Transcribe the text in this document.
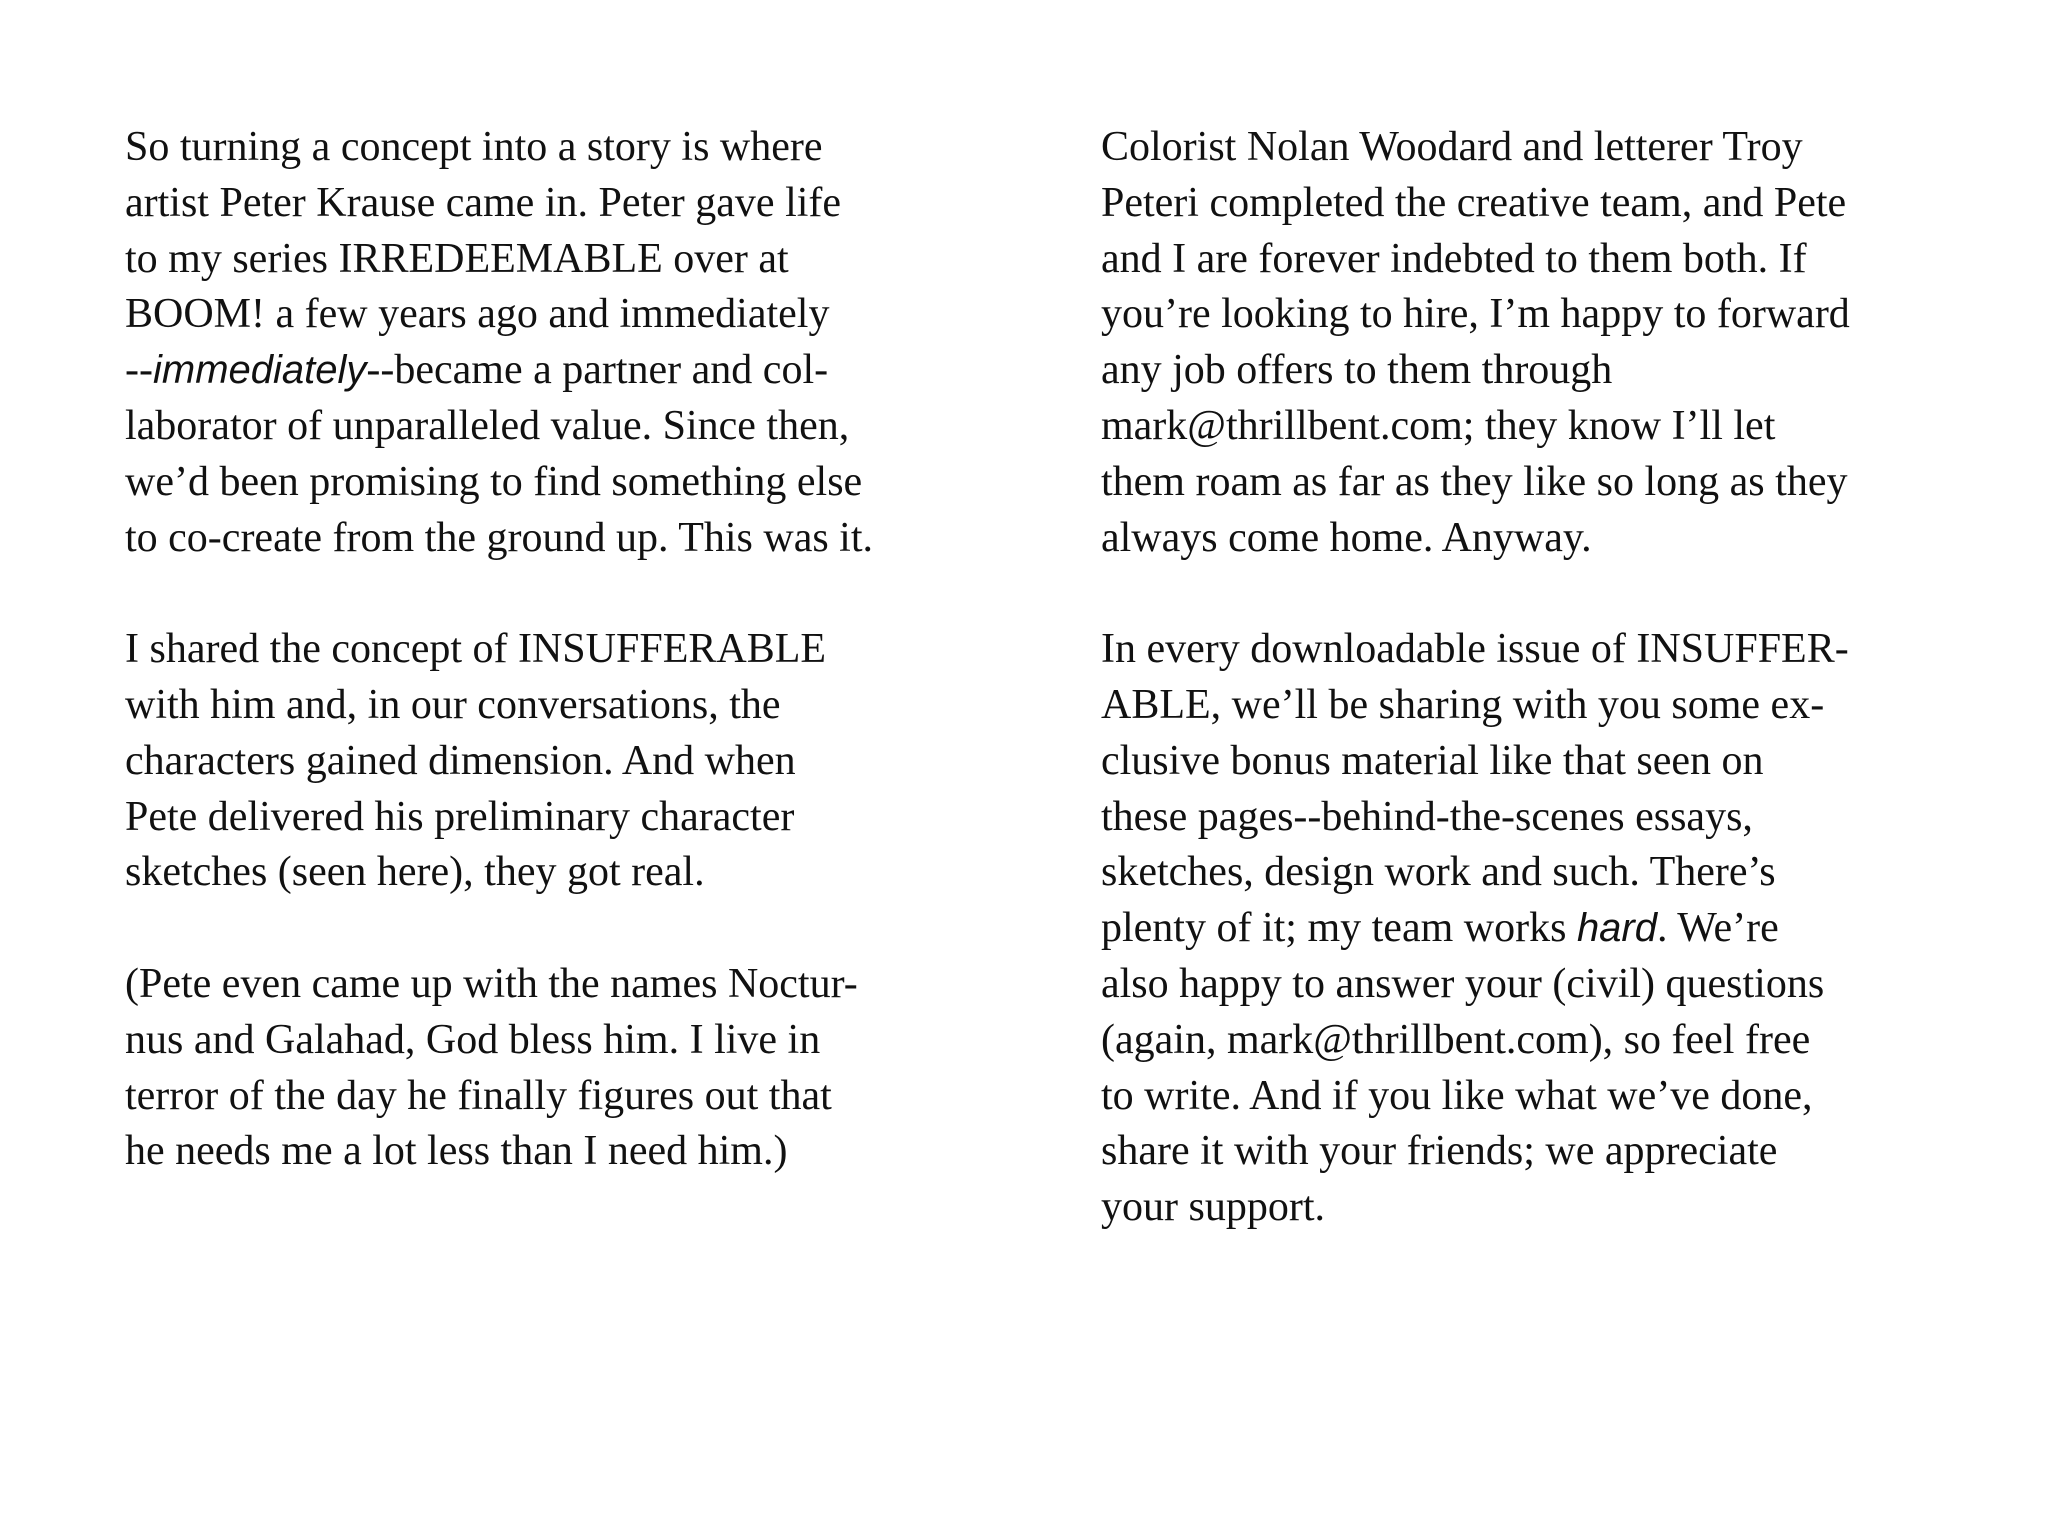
So turning a concept into a story is where
artist Peter Krause came in. Peter gave life
to my series IRREDEEMABLE over at
BOOM! a few years ago and immediately
--immediately--became a partner and col-
laborator of unparalleled value. Since then,
we’d been promising to find something else
to co-create from the ground up. This was it.

I shared the concept of INSUFFERABLE
with him and, in our conversations, the
characters gained dimension. And when
Pete delivered his preliminary character
sketches (seen here), they got real.

(Pete even came up with the names Noctur-
nus and Galahad, God bless him. I live in
terror of the day he finally figures out that
he needs me a lot less than I need him.)

Colorist Nolan Woodard and letterer Troy
Peteri completed the creative team, and Pete
and I are forever indebted to them both. If
you’re looking to hire, I’m happy to forward
any job offers to them through
mark@thrillbent.com; they know I’ll let
them roam as far as they like so long as they
always come home. Anyway.

In every downloadable issue of INSUFFER-
ABLE, we’ll be sharing with you some ex-
clusive bonus material like that seen on
these pages--behind-the-scenes essays,
sketches, design work and such. There’s
plenty of it; my team works hard. We’re
also happy to answer your (civil) questions
(again, mark@thrillbent.com), so feel free
to write. And if you like what we’ve done,
share it with your friends; we appreciate
your support.
